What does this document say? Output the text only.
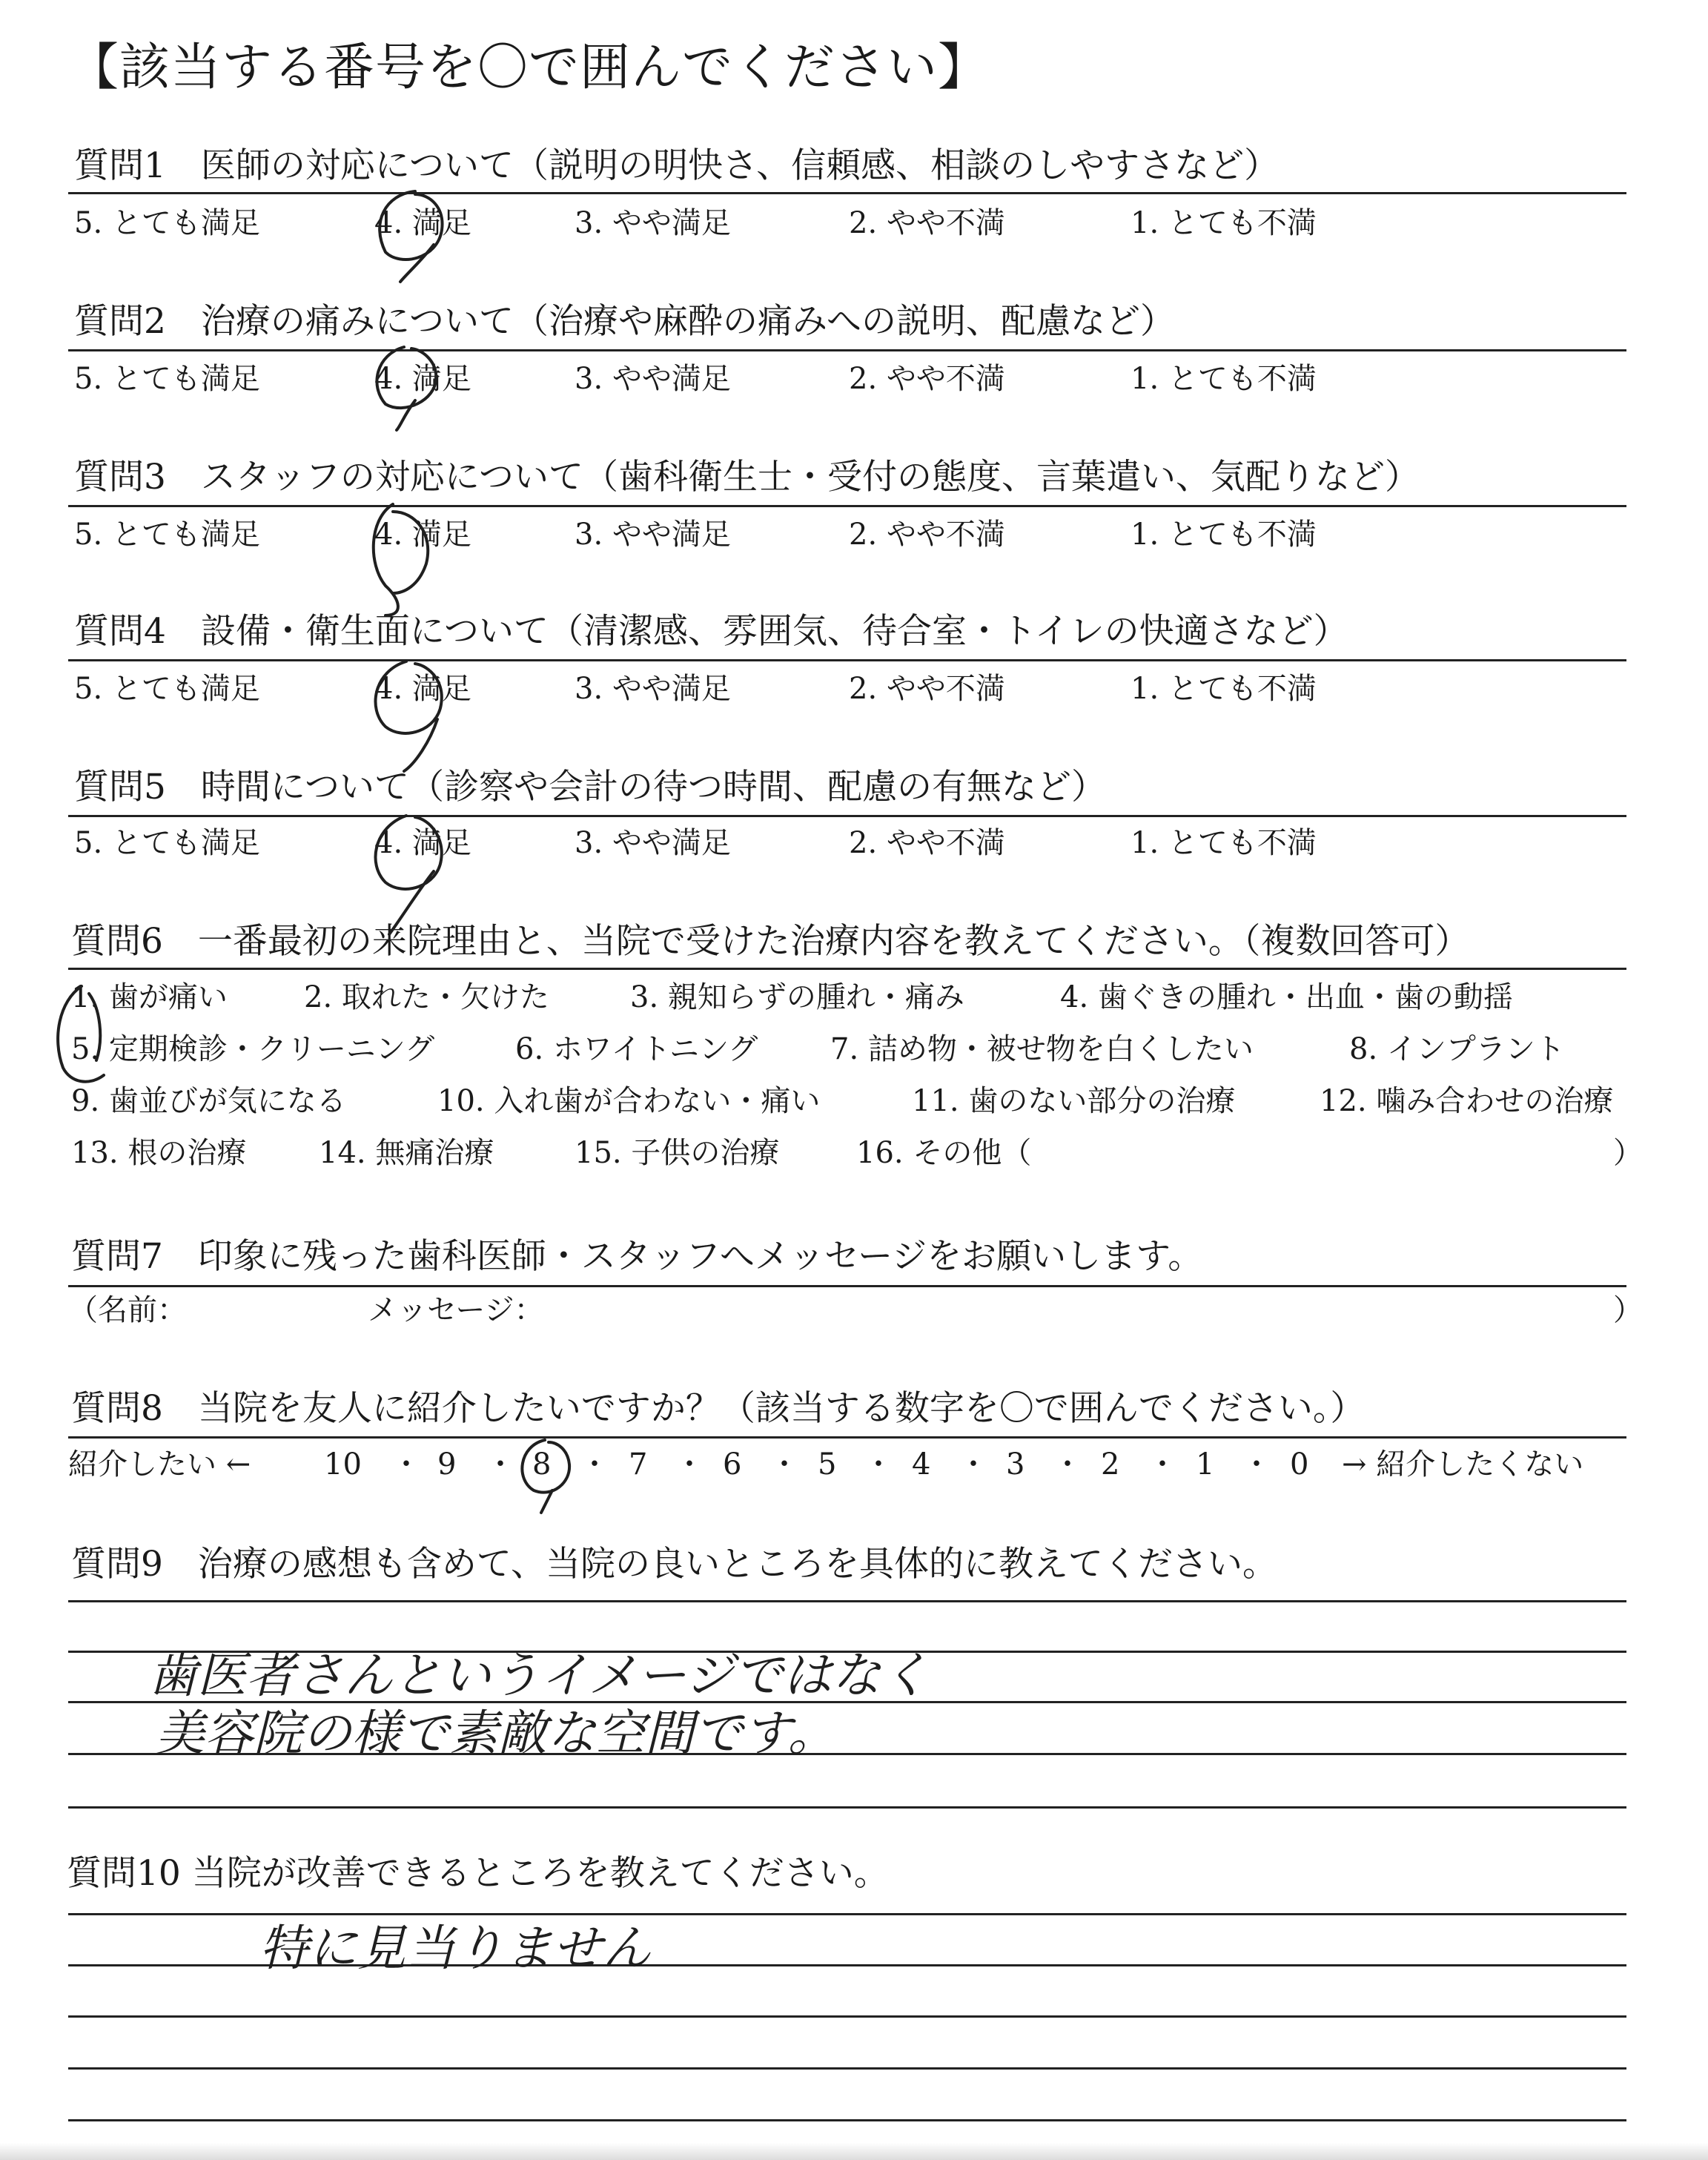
【該当する番号を〇で囲んでください】
質問1　医師の対応について（説明の明快さ、信頼感、相談のしやすさなど）
5. とても満足	4. 満足	3. やや満足	2. やや不満	1. とても不満
質問2　治療の痛みについて（治療や麻酔の痛みへの説明、配慮など）
5. とても満足	4. 満足	3. やや満足	2. やや不満	1. とても不満
質問3　スタッフの対応について（歯科衛生士・受付の態度、言葉遣い、気配りなど）
5. とても満足	4. 満足	3. やや満足	2. やや不満	1. とても不満
質問4　設備・衛生面について（清潔感、雰囲気、待合室・トイレの快適さなど）
5. とても満足	4. 満足	3. やや満足	2. やや不満	1. とても不満
質問5　時間について（診察や会計の待つ時間、配慮の有無など）
5. とても満足	4. 満足	3. やや満足	2. やや不満	1. とても不満
質問6　一番最初の来院理由と、当院で受けた治療内容を教えてください。（複数回答可）
1. 歯が痛い	2. 取れた・欠けた	3. 親知らずの腫れ・痛み	4. 歯ぐきの腫れ・出血・歯の動揺
5. 定期検診・クリーニング	6. ホワイトニング 7. 詰め物・被せ物を白くしたい	8. インプラント
9. 歯並びが気になる	10. 入れ歯が合わない・痛い	11. 歯のない部分の治療	12. 噛み合わせの治療
13. 根の治療 14. 無痛治療	15. 子供の治療	16. その他（	）
質問7　印象に残った歯科医師・スタッフへメッセージをお願いします。
（名前：	メッセージ：	）
質問8　当院を友人に紹介したいですか？（該当する数字を〇で囲んでください。）
紹介したい ← 10	9	8	7	6	5	4	3	2	1	0 → 紹介したくない
・ ・ ・ ・ ・ ・ ・ ・ ・ ・
質問9　治療の感想も含めて、当院の良いところを具体的に教えてください。
歯医者さんというイメージではなく
美容院の様で素敵な空間です。
質問10 当院が改善できるところを教えてください。
特に見当りません
